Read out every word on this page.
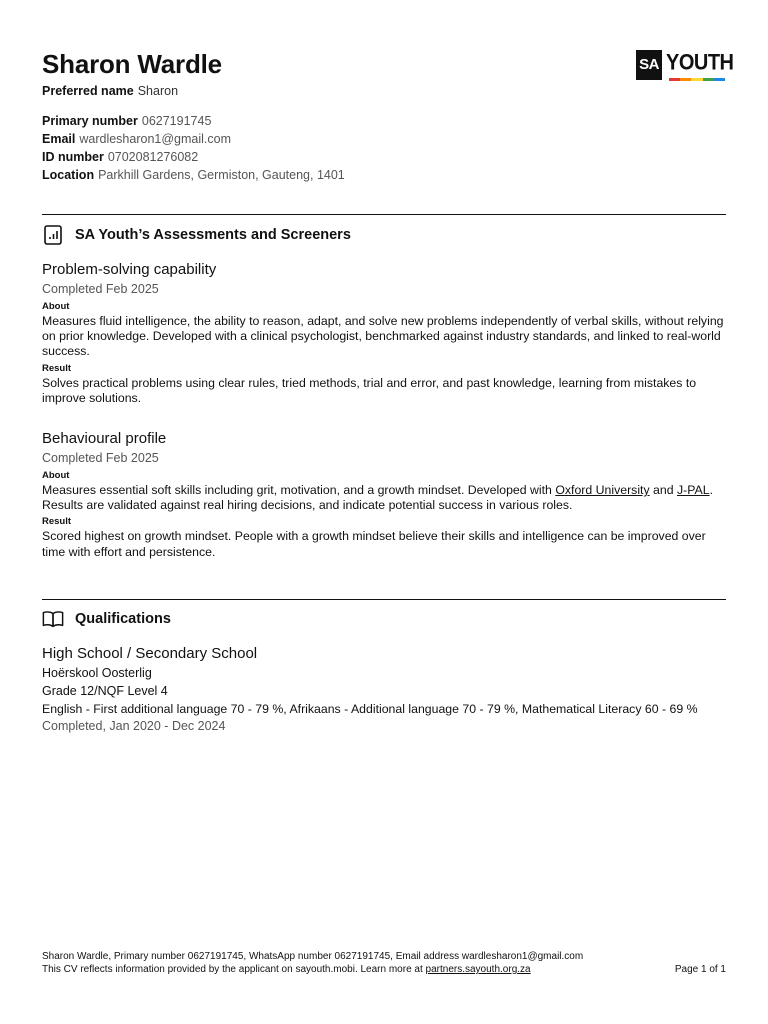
Sharon Wardle
Preferred name Sharon
Primary number 0627191745
Email wardlesharon1@gmail.com
ID number 0702081276082
Location Parkhill Gardens, Germiston, Gauteng, 1401
SA YOUTH
SA Youth’s Assessments and Screeners
Problem-solving capability
Completed Feb 2025
About
Measures fluid intelligence, the ability to reason, adapt, and solve new problems independently of verbal skills, without relying on prior knowledge. Developed with a clinical psychologist, benchmarked against industry standards, and linked to real-world success.
Result
Solves practical problems using clear rules, tried methods, trial and error, and past knowledge, learning from mistakes to improve solutions.
Behavioural profile
Completed Feb 2025
About
Measures essential soft skills including grit, motivation, and a growth mindset. Developed with Oxford University and J-PAL. Results are validated against real hiring decisions, and indicate potential success in various roles.
Result
Scored highest on growth mindset. People with a growth mindset believe their skills and intelligence can be improved over time with effort and persistence.
Qualifications
High School / Secondary School
Hoërskool Oosterlig
Grade 12/NQF Level 4
English - First additional language 70 - 79 %, Afrikaans - Additional language 70 - 79 %, Mathematical Literacy 60 - 69 %
Completed, Jan 2020 - Dec 2024
Sharon Wardle, Primary number 0627191745, WhatsApp number 0627191745, Email address wardlesharon1@gmail.com
This CV reflects information provided by the applicant on sayouth.mobi. Learn more at partners.sayouth.org.za	Page 1 of 1
